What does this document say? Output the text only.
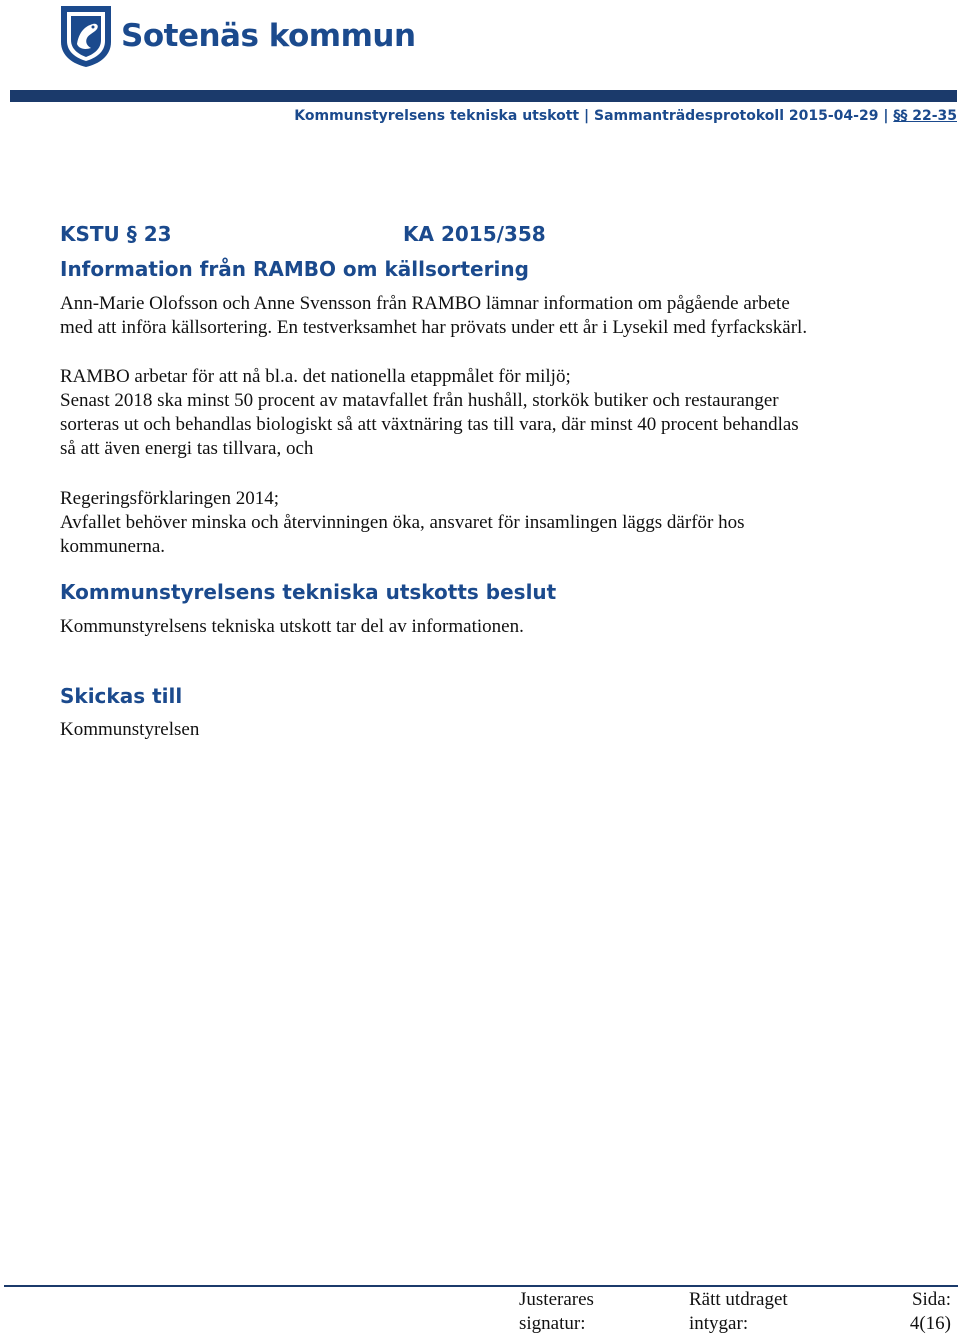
Sotenäs kommun
Kommunstyrelsens tekniska utskott | Sammanträdesprotokoll 2015-04-29 | §§ 22-35
KSTU § 23	KA 2015/358
Information från RAMBO om källsortering
Ann-Marie Olofsson och Anne Svensson från RAMBO lämnar information om pågående arbete
med att införa källsortering. En testverksamhet har prövats under ett år i Lysekil med fyrfackskärl.
RAMBO arbetar för att nå bl.a. det nationella etappmålet för miljö;
Senast 2018 ska minst 50 procent av matavfallet från hushåll, storkök butiker och restauranger
sorteras ut och behandlas biologiskt så att växtnäring tas till vara, där minst 40 procent behandlas
så att även energi tas tillvara, och
Regeringsförklaringen 2014;
Avfallet behöver minska och återvinningen öka, ansvaret för insamlingen läggs därför hos
kommunerna.
Kommunstyrelsens tekniska utskotts beslut
Kommunstyrelsens tekniska utskott tar del av informationen.
Skickas till
Kommunstyrelsen
Justerares
signatur:
Rätt utdraget
intygar:
Sida:
4(16)
